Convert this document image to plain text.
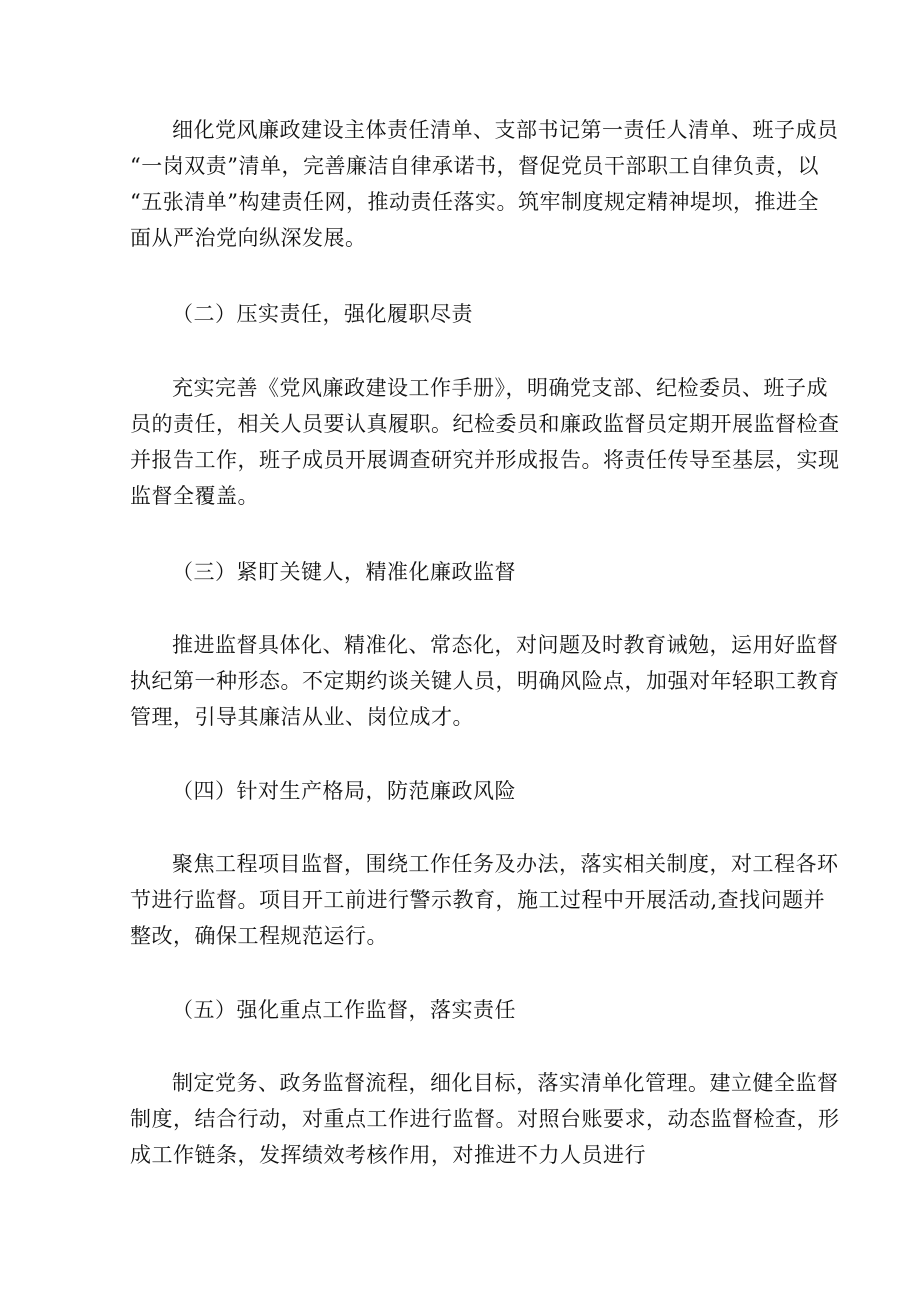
细化党风廉政建设主体责任清单、支部书记第一责任人清单、班子成员
“一岗双责”清单，完善廉洁自律承诺书，督促党员干部职工自律负责，以
“五张清单”构建责任网，推动责任落实。筑牢制度规定精神堤坝，推进全
面从严治党向纵深发展。
（二）压实责任，强化履职尽责
充实完善《党风廉政建设工作手册》，明确党支部、纪检委员、班子成
员的责任，相关人员要认真履职。纪检委员和廉政监督员定期开展监督检查
并报告工作，班子成员开展调查研究并形成报告。将责任传导至基层，实现
监督全覆盖。
（三）紧盯关键人，精准化廉政监督
推进监督具体化、精准化、常态化，对问题及时教育诫勉，运用好监督
执纪第一种形态。不定期约谈关键人员，明确风险点，加强对年轻职工教育
管理，引导其廉洁从业、岗位成才。
（四）针对生产格局，防范廉政风险
聚焦工程项目监督，围绕工作任务及办法，落实相关制度，对工程各环
节进行监督。项目开工前进行警示教育，施工过程中开展活动,查找问题并
整改，确保工程规范运行。
（五）强化重点工作监督，落实责任
制定党务、政务监督流程，细化目标，落实清单化管理。建立健全监督
制度，结合行动，对重点工作进行监督。对照台账要求，动态监督检查，形
成工作链条，发挥绩效考核作用，对推进不力人员进行
